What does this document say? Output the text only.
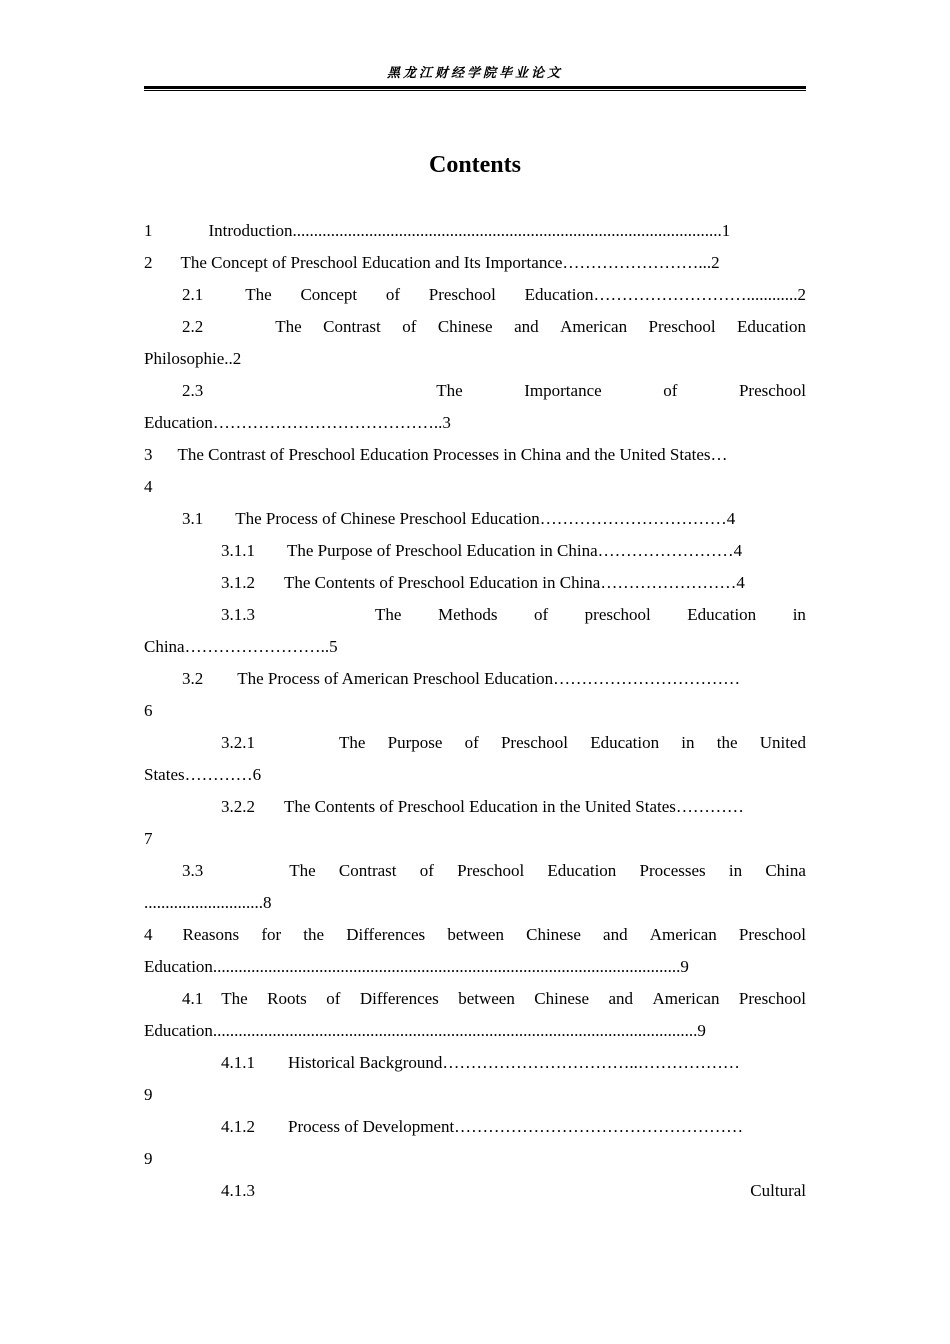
黑龙江财经学院毕业论文
Contents
1	Introduction .....................................................................................................1
2 The Concept of Preschool Education and Its Importance ……………………...2
2.1 The Concept of Preschool Education………………………............2
2.2	The Contrast of Chinese and American Preschool Education
Philosophie..2
2.3	The	Importance	of	Preschool
Education…………………………………..3
3 The Contrast of Preschool Education Processes in China and the United States…
4
3.1 The Process of Chinese Preschool Education……………………………4
3.1.1 The Purpose of Preschool Education in China……………………4
3.1.2 The Contents of Preschool Education in China……………………4
3.1.3	The Methods of preschool Education in
China……………………..5
3.2 The Process of American Preschool Education……………………………
6
3.2.1	The Purpose of Preschool Education in the United
States…………6
3.2.2 The Contents of Preschool Education in the United States…………
7
3.3	The Contrast of Preschool Education Processes in China
............................8
4 Reasons for the Differences between Chinese and American Preschool
Education..............................................................................................................9
4.1 The Roots of Differences between Chinese and American Preschool
Education..................................................................................................................9
4.1.1 Historical Background……………………………..………………
9
4.1.2 Process of Development……………………………………………
9
4.1.3	Cultural
